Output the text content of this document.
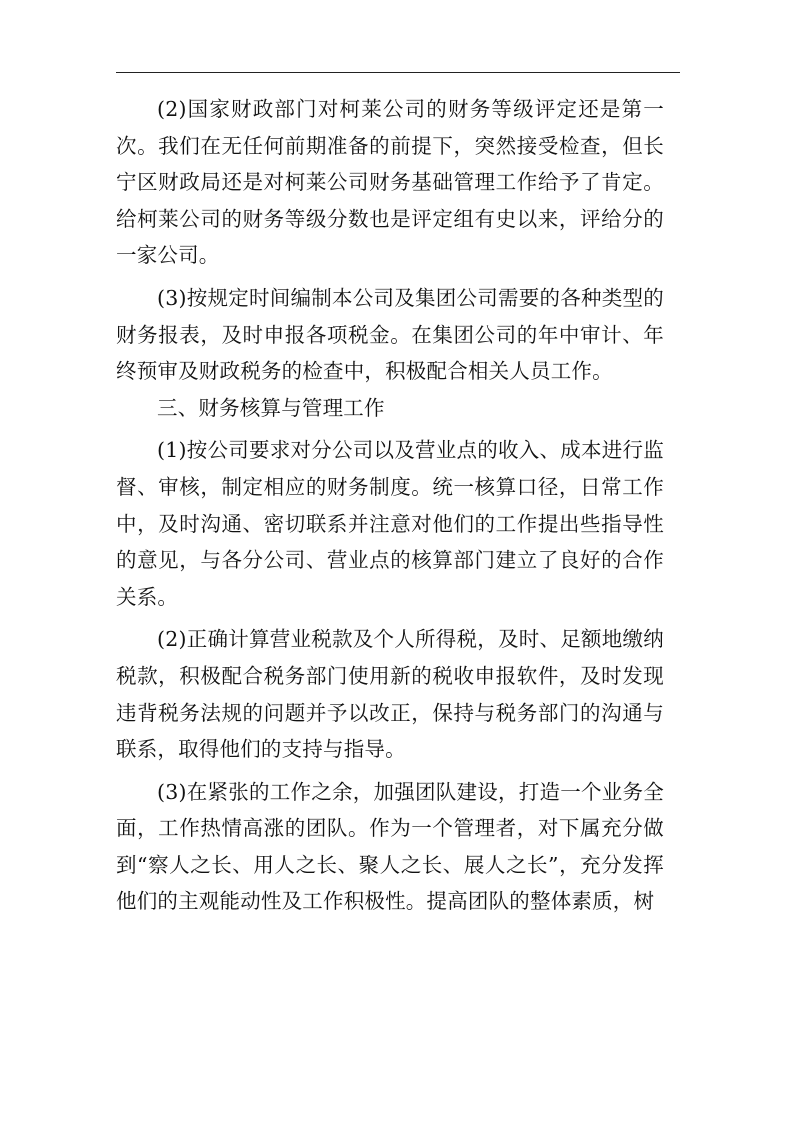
(2)国家财政部门对柯莱公司的财务等级评定还是第一次。我们在无任何前期准备的前提下，突然接受检查，但长宁区财政局还是对柯莱公司财务基础管理工作给予了肯定。给柯莱公司的财务等级分数也是评定组有史以来，评给分的一家公司。

(3)按规定时间编制本公司及集团公司需要的各种类型的财务报表，及时申报各项税金。在集团公司的年中审计、年终预审及财政税务的检查中，积极配合相关人员工作。

三、财务核算与管理工作

(1)按公司要求对分公司以及营业点的收入、成本进行监督、审核，制定相应的财务制度。统一核算口径，日常工作中，及时沟通、密切联系并注意对他们的工作提出些指导性的意见，与各分公司、营业点的核算部门建立了良好的合作关系。

(2)正确计算营业税款及个人所得税，及时、足额地缴纳税款，积极配合税务部门使用新的税收申报软件，及时发现违背税务法规的问题并予以改正，保持与税务部门的沟通与联系，取得他们的支持与指导。

(3)在紧张的工作之余，加强团队建设，打造一个业务全面，工作热情高涨的团队。作为一个管理者，对下属充分做到“察人之长、用人之长、聚人之长、展人之长”，充分发挥他们的主观能动性及工作积极性。提高团队的整体素质，树
